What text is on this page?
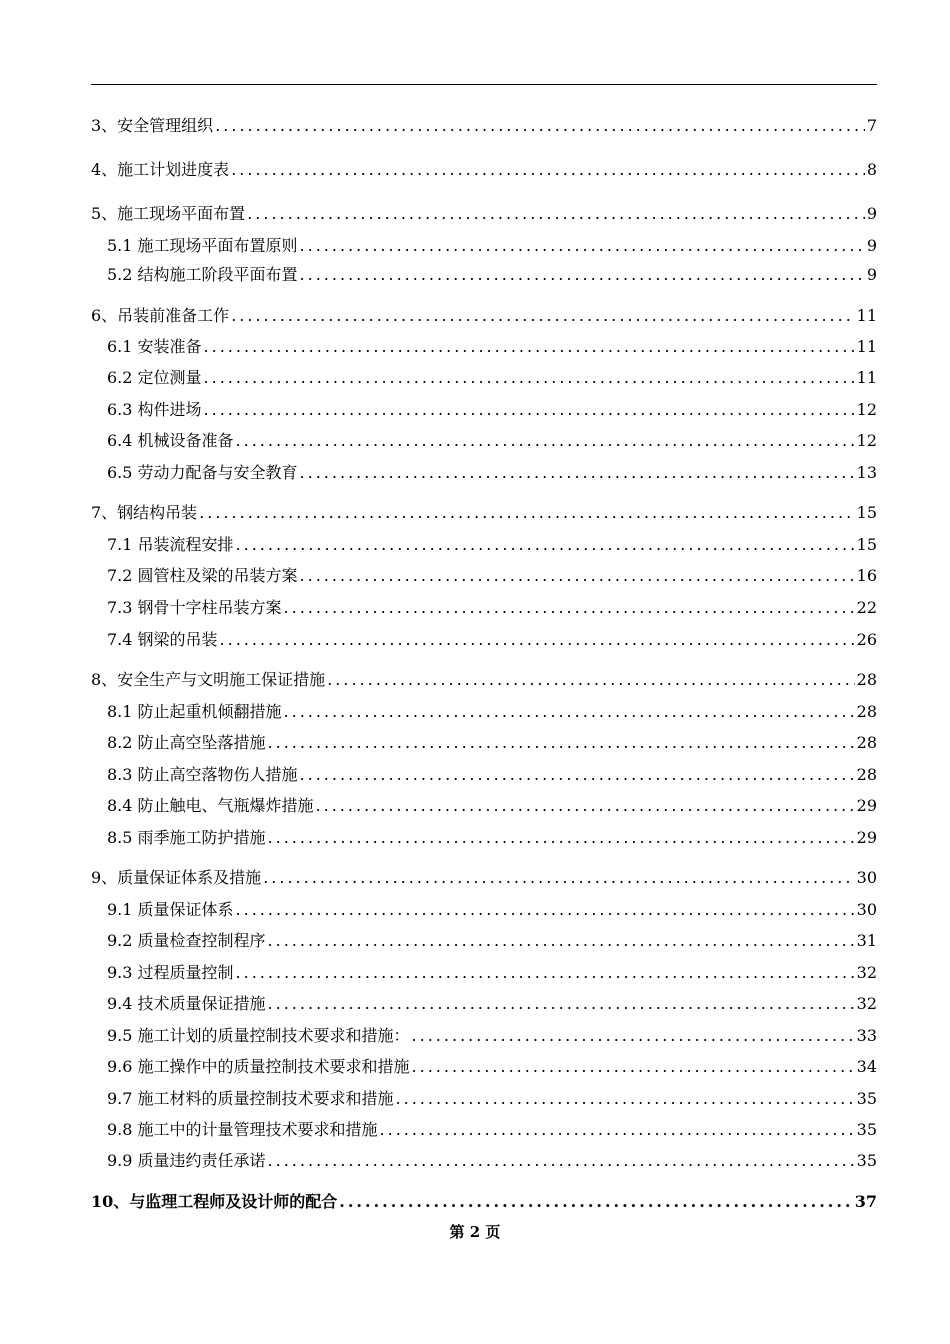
3、安全管理组织 .....	7
4、施工计划进度表 .....	8
5、施工现场平面布置 .....	9
5.1 施工现场平面布置原则 .....	9
5.2 结构施工阶段平面布置 .....	9
6、吊装前准备工作 .....	11
6.1 安装准备 .....	11
6.2 定位测量 .....	11
6.3 构件进场 .....	12
6.4 机械设备准备 .....	12
6.5 劳动力配备与安全教育 .....	13
7、钢结构吊装 .....	15
7.1 吊装流程安排 .....	15
7.2 圆管柱及梁的吊装方案 .....	16
7.3 钢骨十字柱吊装方案 .....	22
7.4 钢梁的吊装 .....	26
8、安全生产与文明施工保证措施 .....	28
8.1 防止起重机倾翻措施 .....	28
8.2 防止高空坠落措施 .....	28
8.3 防止高空落物伤人措施 .....	28
8.4 防止触电、气瓶爆炸措施 .....	29
8.5 雨季施工防护措施 .....	29
9、质量保证体系及措施 .....	30
9.1 质量保证体系 .....	30
9.2 质量检查控制程序 .....	31
9.3 过程质量控制 .....	32
9.4 技术质量保证措施 .....	32
9.5 施工计划的质量控制技术要求和措施： .....	33
9.6 施工操作中的质量控制技术要求和措施 .....	34
9.7 施工材料的质量控制技术要求和措施 .....	35
9.8 施工中的计量管理技术要求和措施 .....	35
9.9 质量违约责任承诺 .....	35
10、与监理工程师及设计师的配合 .....	37
第 2 页
